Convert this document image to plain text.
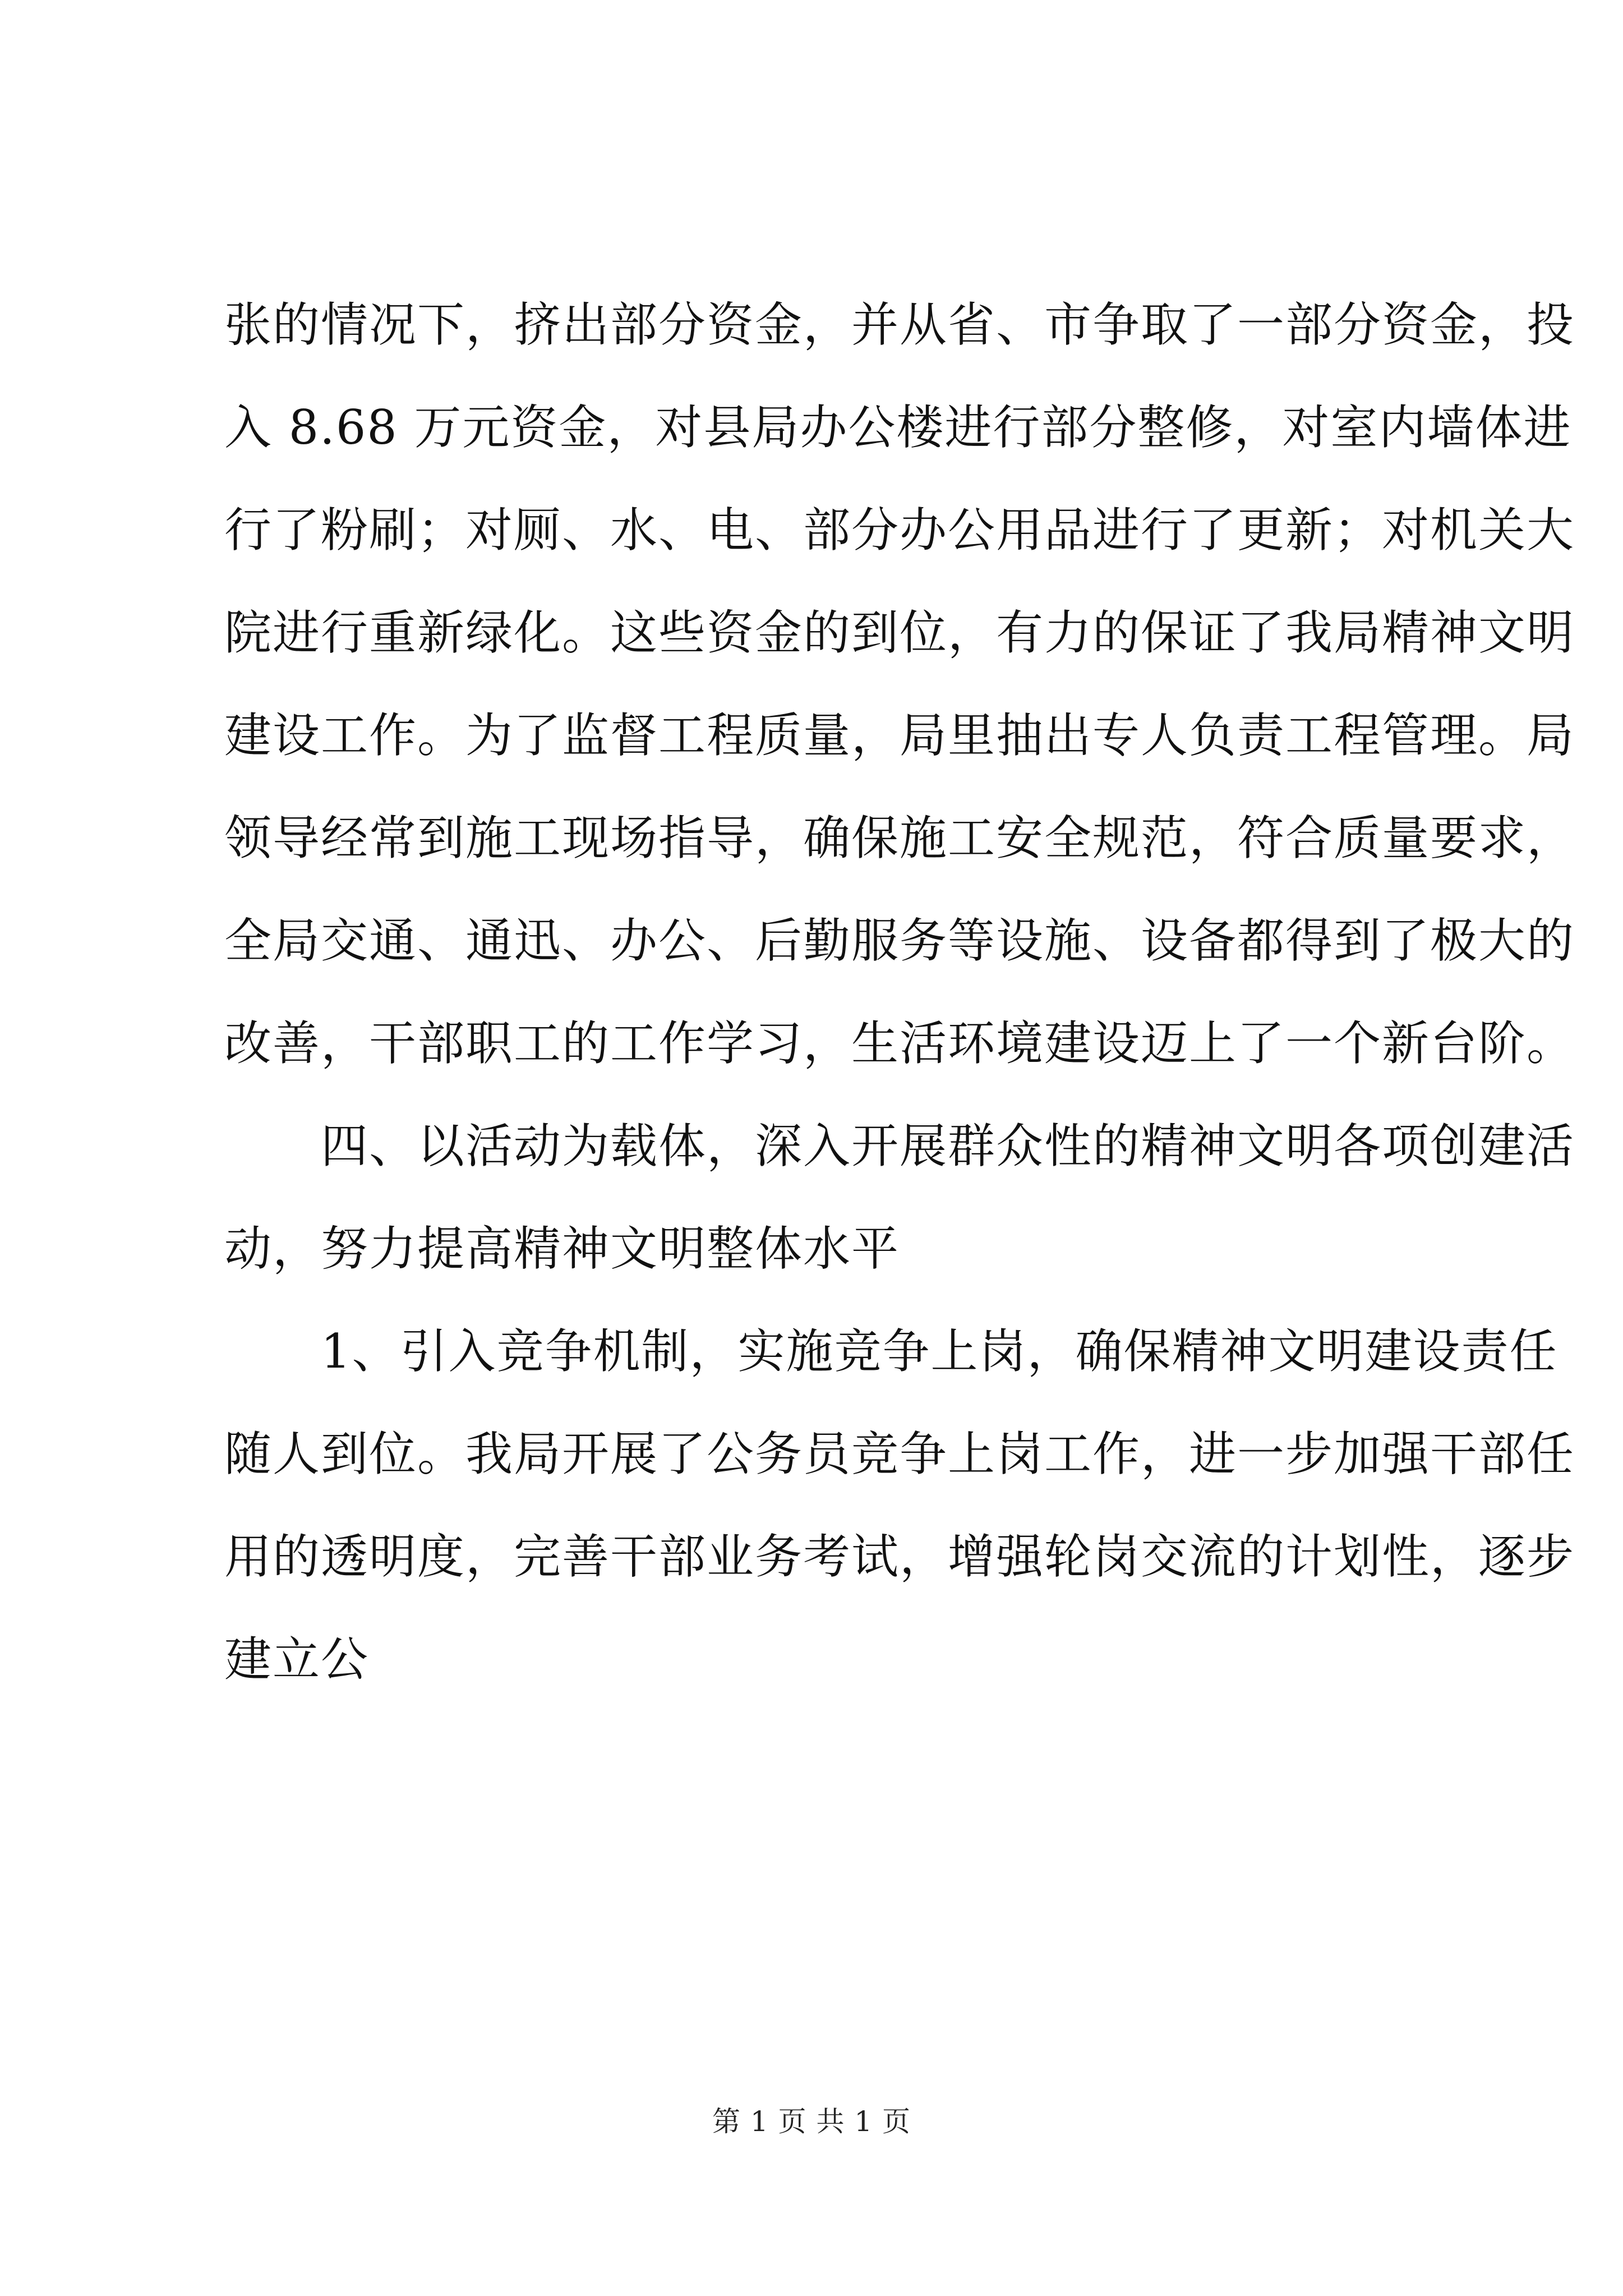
张的情况下，挤出部分资金，并从省、市争取了一部分资金，投
入 8.68 万元资金，对县局办公楼进行部分整修，对室内墙体进
行了粉刷；对厕、水、电、部分办公用品进行了更新；对机关大
院进行重新绿化。这些资金的到位，有力的保证了我局精神文明
建设工作。为了监督工程质量，局里抽出专人负责工程管理。局
领导经常到施工现场指导，确保施工安全规范，符合质量要求，
全局交通、通迅、办公、后勤服务等设施、设备都得到了极大的
改善，干部职工的工作学习，生活环境建设迈上了一个新台阶。
四、以活动为载体，深入开展群众性的精神文明各项创建活
动，努力提高精神文明整体水平
1、引入竞争机制，实施竞争上岗，确保精神文明建设责任
随人到位。我局开展了公务员竞争上岗工作，进一步加强干部任
用的透明度，完善干部业务考试，增强轮岗交流的计划性，逐步
建立公
第 1 页 共 1 页
